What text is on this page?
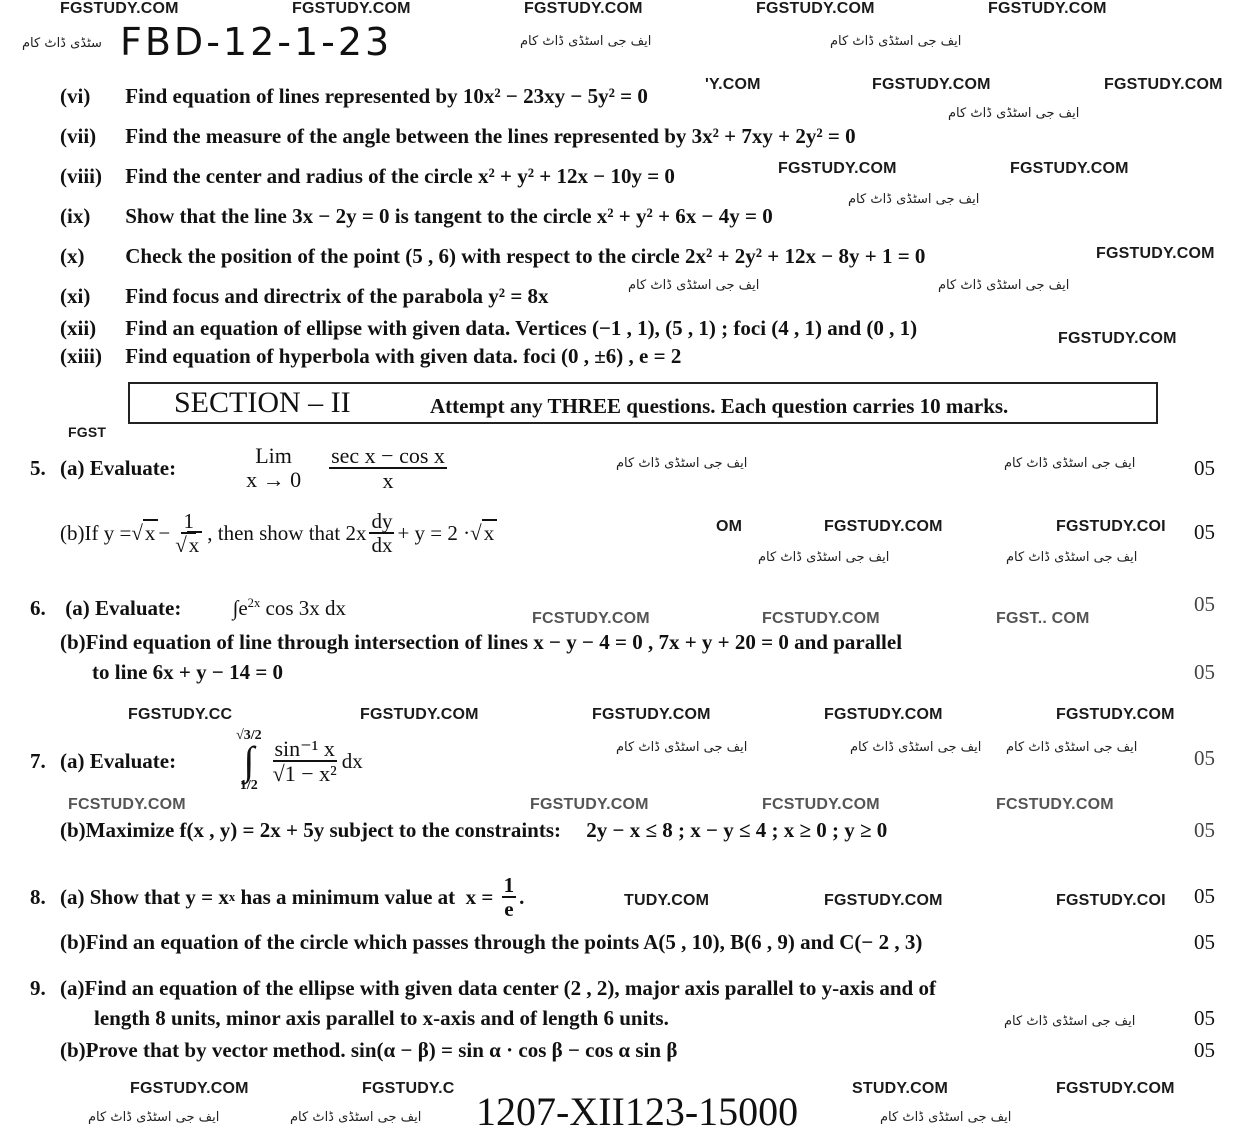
FGSTUDY.COM	FGSTUDY.COM	FGSTUDY.COM	FGSTUDY.COM	FGSTUDY.COM
سٹڈی ڈاٹ کام FBD-12-1-23	ایف جی اسٹڈی ڈاٹ کام	ایف جی اسٹڈی ڈاٹ کام
(vi) Find equation of lines represented by 10x² − 23xy − 5y² = 0	'Y.COM	FGSTUDY.COM	FGSTUDY.COM
ایف جی اسٹڈی ڈاٹ کام
(vii) Find the measure of the angle between the lines represented by 3x² + 7xy + 2y² = 0
(viii) Find the center and radius of the circle x² + y² + 12x − 10y = 0	FGSTUDY.COM	FGSTUDY.COM
(ix) Show that the line 3x − 2y = 0 is tangent to the circle x² + y² + 6x − 4y = 0
ایف جی اسٹڈی ڈاٹ کام
(x) Check the position of the point (5 , 6) with respect to the circle 2x² + 2y² + 12x − 8y + 1 = 0	FGSTUDY.COM
(xi) Find focus and directrix of the parabola y² = 8x	ایف جی اسٹڈی ڈاٹ کام	ایف جی اسٹڈی ڈاٹ کام
(xii) Find an equation of ellipse with given data. Vertices (−1 , 1), (5 , 1) ; foci (4 , 1) and (0 , 1)	FGSTUDY.COM
(xiii) Find equation of hyperbola with given data. foci (0 , ±6) , e = 2
SECTION – II	Attempt any THREE questions. Each question carries 10 marks.
FGST
5. (a) Evaluate:	Lim
$x \to 0 \frac{\text{sec x − cos x}}{x}$	ایف جی اسٹڈی ڈاٹ کام	ایف جی اسٹڈی ڈاٹ کام	05
(b)If
$y = √x - \frac{1}{√x}$ , then show that $2x \frac{dy}{dx} + y = 2 \cdot √x$	OM	FGSTUDY.COM	FGSTUDY.COI 05
ایف جی اسٹڈی ڈاٹ کام	ایف جی اسٹڈی ڈاٹ کام
6. (a) Evaluate: $\int e^{2x}$ cos 3x dx	FCSTUDY.COM	FCSTUDY.COM	FGST.. COM
05
(b)Find equation of line through intersection of lines x − y − 4 = 0 , 7x + y + 20 = 0 and parallel
to line 6x + y − 14 = 0	05
FGSTUDY.CC	FGSTUDY.COM	FGSTUDY.COM	FGSTUDY.COM	FGSTUDY.COM
7. (a) Evaluate:
√3/2
∫
1/2
$\frac{\text{sin⁻¹ x}}{\text{√1 − x²}}$ dx
ایف جی اسٹڈی ڈاٹ کام	ایف جی اسٹڈی ڈاٹ کام ایف جی اسٹڈی ڈاٹ کام	05
FCSTUDY.COM	FGSTUDY.COM	FCSTUDY.COM	FCSTUDY.COM
(b)Maximize f(x , y) = 2x + 5y subject to the constraints: 2y − x ≤ 8 ; x − y ≤ 4 ; x ≥ 0 ; y ≥ 0	05
8. (a) Show that y = x x has a minimum value at  $x = \frac{1}{e}$ .	TUDY.COM	FGSTUDY.COM	FGSTUDY.COI 05
(b)Find an equation of the circle which passes through the points A(5 , 10), B(6 , 9) and C(− 2 , 3)	05
9. (a)Find an equation of the ellipse with given data center (2 , 2), major axis parallel to y-axis and of
length 8 units, minor axis parallel to x-axis and of length 6 units.	ایف جی اسٹڈی ڈاٹ کام	05
(b)Prove that by vector method. sin(α − β) = sin α · cos β − cos α sin β	05
FGSTUDY.COM	FGSTUDY.C	STUDY.COM	FGSTUDY.COM
ایف جی اسٹڈی ڈاٹ کام	ایف جی اسٹڈی ڈاٹ کام 1207-XII123-15000	ایف جی اسٹڈی ڈاٹ کام
